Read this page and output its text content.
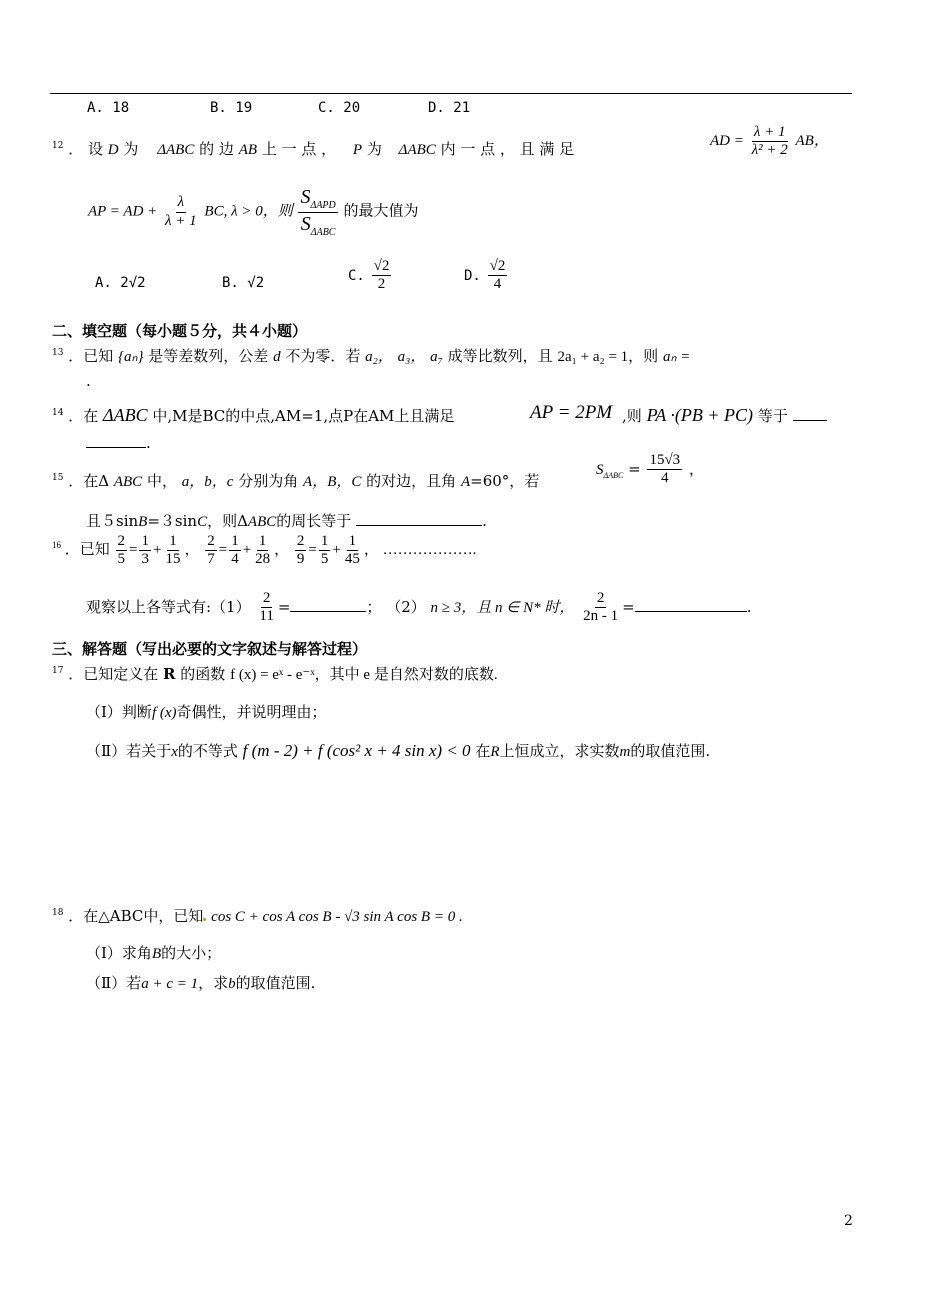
A. 18	B. 19	C. 20	D. 21
$^{12}$ ． 设 D 为 ΔABC 的 边 AB 上 一 点 ， P 为 ΔABC 内 一 点 ， 且 满 足	AD = $\frac{\lambda + 1}{\text{λ² + 2}}$ AB，
AP = AD + $\frac{\lambda}{\lambda + 1}$ BC, λ > 0，则 $\frac{S_{\Delta APD}}{S_{\Delta ABC}}$ 的最大值为
A. 2√2	B. √2	C. $\frac{√2}{2}$	D. $\frac{√2}{4}$
二、填空题（每小题５分，共４小题）
$^{13}$ ．已知 {aₙ} 是等差数列，公差 d 不为零．若 a₂， a₃， a₇ 成等比数列，且 2a₁ + a₂ = 1，则 aₙ =
.
$^{14}$ ．在 ΔABC 中,M是BC的中点,AM=1,点P在AM上且满足	AP = 2PM ,则 PA ·(PB + PC) 等于
.
$^{15}$ ．在Δ ABC 中， a，b，c 分别为角 A，B，C 的对边，且角 A=60°，若
$S_{\Delta ABC} = \frac{15√3}{4}$ ，
且５sinB=３sinC，则ΔABC的周长等于	.
$^{16}$ ．已知 $\frac{2}{5} = \frac{1}{3} + \frac{1}{15}$ ， $\frac{2}{7} = \frac{1}{4} + \frac{1}{28}$ ， $\frac{2}{9} = \frac{1}{5} + \frac{1}{45}$ ， ……………….
观察以上各等式有:（1） $\frac{2}{11}$ =	； （2） n ≥ 3，且 n ∈ N* 时， $\frac{2}{2n - 1}$ =	.
三、解答题（写出必要的文字叙述与解答过程）
$^{17}$ ．已知定义在 R 的函数 f (x) = eˣ - e⁻ˣ，其中 e 是自然对数的底数.
（Ⅰ）判断f (x)奇偶性，并说明理由；
（Ⅱ）若关于x的不等式 f (m - 2) + f (cos² x + 4 sin x) < 0 在R上恒成立，求实数m的取值范围.
$^{18}$ ．在△ABC中，已知 cos C + cos A cos B - √3 sin A cos B = 0 .
（Ⅰ）求角B的大小；
（Ⅱ）若a + c = 1，求b的取值范围.
2
